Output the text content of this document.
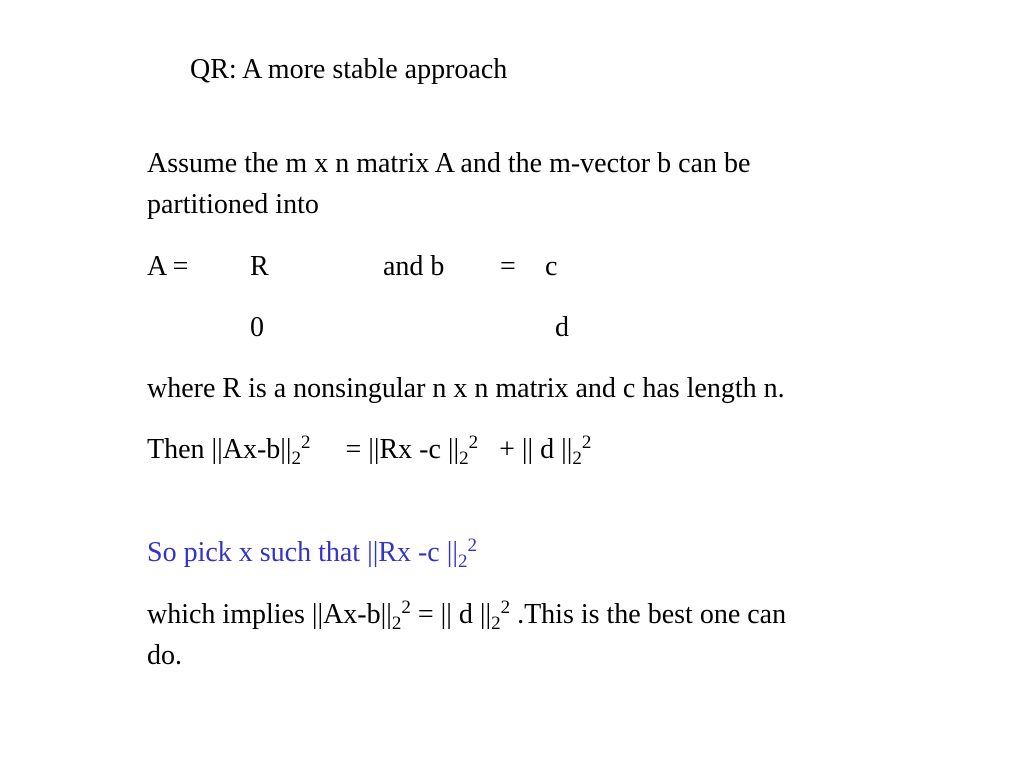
QR: A more stable approach
Assume the m x n matrix A and the m-vector b can be
partitioned into
A = R
0
and b = c
d
where R is a nonsingular n x n matrix and c has length n.
Then $||Ax-b||_2^2$     = ||Rx -c $||_2^2$   + || d $||_2^2$
So pick x such that ||Rx -c $||_2^2$
which implies $||Ax-b||_2^2$ = || d $||_2^2$ .This is the best one can
do.
